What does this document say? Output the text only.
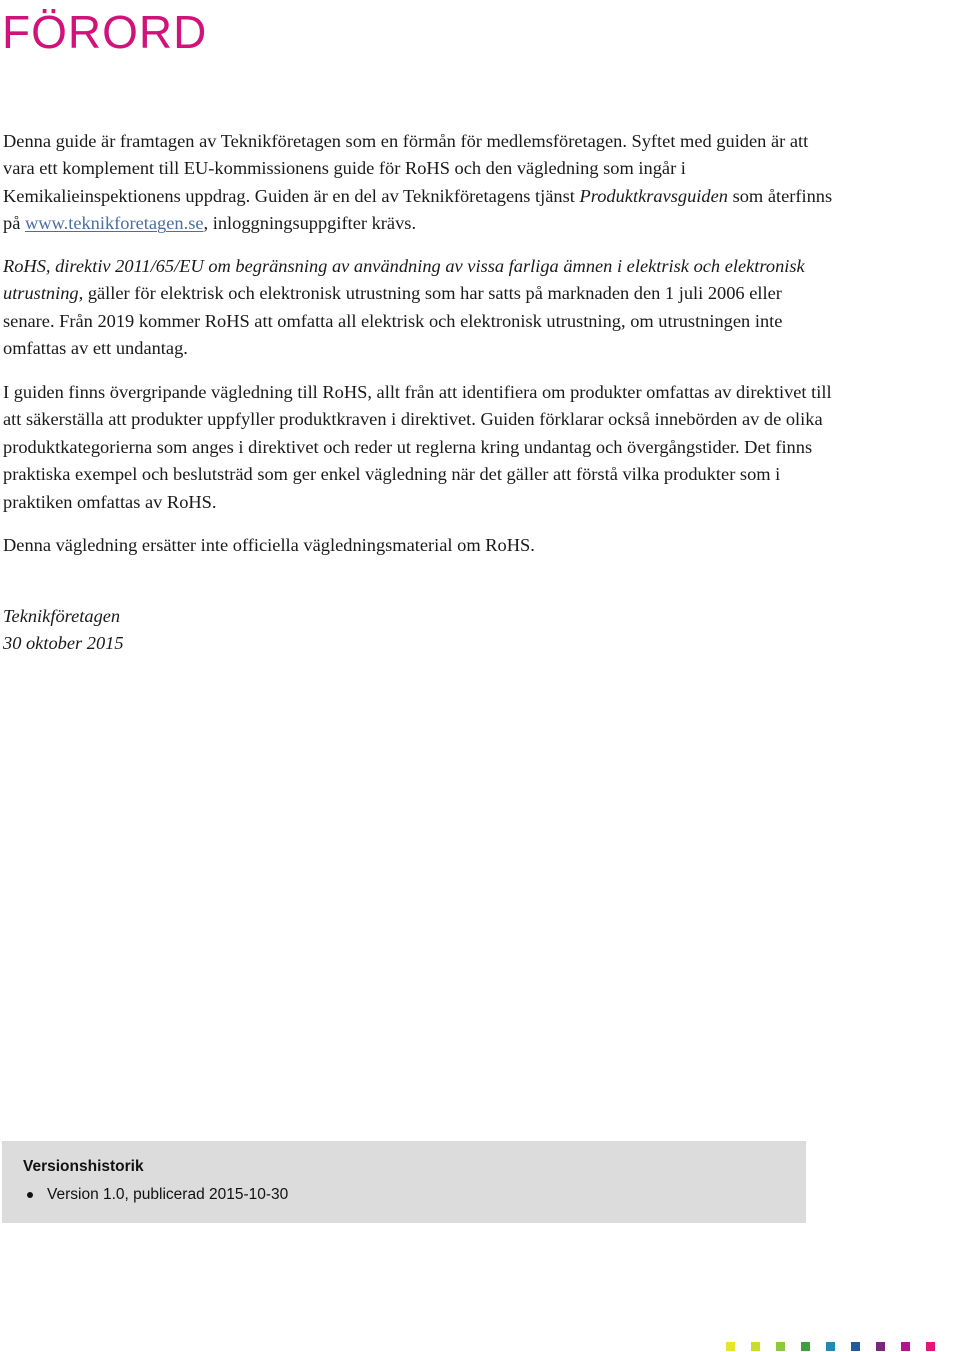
FÖRORD

Denna guide är framtagen av Teknikföretagen som en förmån för medlemsföretagen. Syftet med guiden är att vara ett komplement till EU-kommissionens guide för RoHS och den vägledning som ingår i Kemikalieinspektionens uppdrag. Guiden är en del av Teknikföretagens tjänst Produktkravsguiden som återfinns på www.teknikforetagen.se, inloggningsuppgifter krävs.

RoHS, direktiv 2011/65/EU om begränsning av användning av vissa farliga ämnen i elektrisk och elektronisk utrustning, gäller för elektrisk och elektronisk utrustning som har satts på marknaden den 1 juli 2006 eller senare. Från 2019 kommer RoHS att omfatta all elektrisk och elektronisk utrustning, om utrustningen inte omfattas av ett undantag.

I guiden finns övergripande vägledning till RoHS, allt från att identifiera om produkter omfattas av direktivet till att säkerställa att produkter uppfyller produktkraven i direktivet. Guiden förklarar också innebörden av de olika produktkategorierna som anges i direktivet och reder ut reglerna kring undantag och övergångstider. Det finns praktiska exempel och beslutsträd som ger enkel vägledning när det gäller att förstå vilka produkter som i praktiken omfattas av RoHS.

Denna vägledning ersätter inte officiella vägledningsmaterial om RoHS.

Teknikföretagen
30 oktober 2015

Versionshistorik
Version 1.0, publicerad 2015-10-30
